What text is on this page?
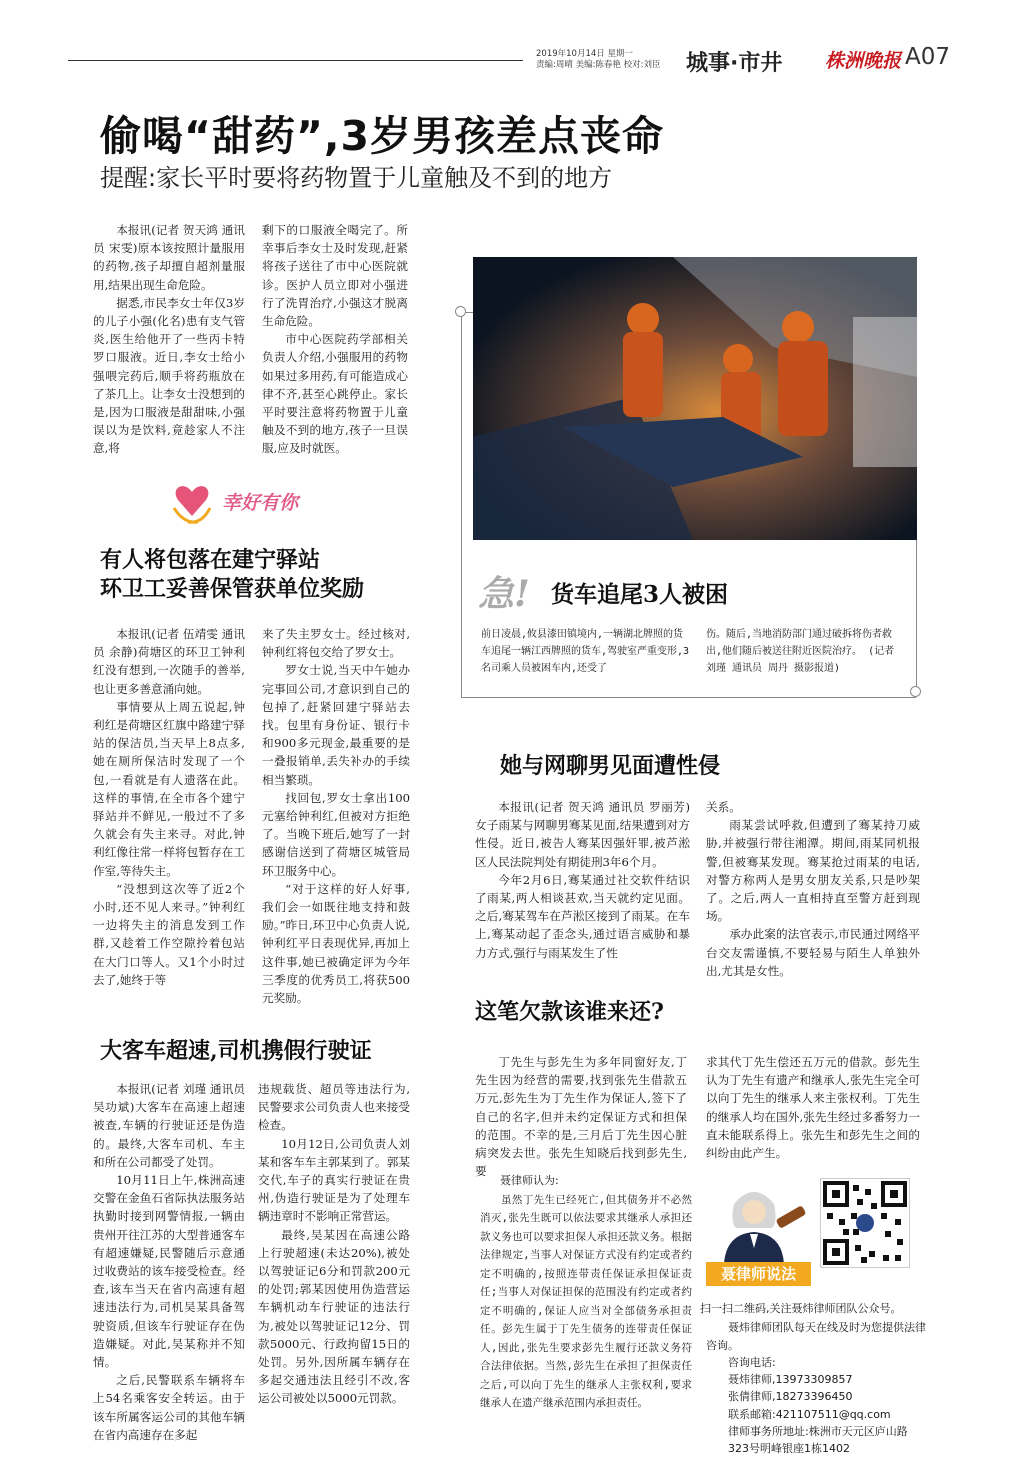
2019年10月14日 星期一
责编:周晴 美编:陈春艳 校对:刘臣 城事·市井 株洲晚报 A07
偷喝“甜药”,3岁男孩差点丧命
提醒:家长平时要将药物置于儿童触及不到的地方

本报讯(记者 贺天鸿 通讯员 宋雯)原本该按照计量服用的药物,孩子却擅自超剂量服用,结果出现生命危险。

据悉,市民李女士年仅3岁的儿子小强(化名)患有支气管炎,医生给他开了一些丙卡特罗口服液。近日,李女士给小强喂完药后,顺手将药瓶放在了茶几上。让李女士没想到的是,因为口服液是甜甜味,小强误以为是饮料,竟趁家人不注意,将

剩下的口服液全喝完了。所幸事后李女士及时发现,赶紧将孩子送往了市中心医院就诊。医护人员立即对小强进行了洗胃治疗,小强这才脱离生命危险。

市中心医院药学部相关负责人介绍,小强服用的药物如果过多用药,有可能造成心律不齐,甚至心跳停止。家长平时要注意将药物置于儿童触及不到的地方,孩子一旦误服,应及时就医。

幸好有你
有人将包落在建宁驿站
环卫工妥善保管获单位奖励

本报讯(记者 伍靖雯 通讯员 余静)荷塘区的环卫工钟利红没有想到,一次随手的善举,也让更多善意涌向她。

事情要从上周五说起,钟利红是荷塘区红旗中路建宁驿站的保洁员,当天早上8点多,她在厕所保洁时发现了一个包,一看就是有人遗落在此。这样的事情,在全市各个建宁驿站并不鲜见,一般过不了多久就会有失主来寻。对此,钟利红像往常一样将包暂存在工作室,等待失主。

“没想到这次等了近2个小时,还不见人来寻。”钟利红一边将失主的消息发到工作群,又趁着工作空隙拎着包站在大门口等人。又1个小时过去了,她终于等

来了失主罗女士。经过核对,钟利红将包交给了罗女士。

罗女士说,当天中午她办完事回公司,才意识到自己的包掉了,赶紧回建宁驿站去找。包里有身份证、银行卡和900多元现金,最重要的是一叠报销单,丢失补办的手续相当繁琐。

找回包,罗女士拿出100元塞给钟利红,但被对方拒绝了。当晚下班后,她写了一封感谢信送到了荷塘区城管局环卫服务中心。

“对于这样的好人好事,我们会一如既往地支持和鼓励。”昨日,环卫中心负责人说,钟利红平日表现优异,再加上这件事,她已被确定评为今年三季度的优秀员工,将获500元奖励。

急! 货车追尾3人被困
前日凌晨,攸县漆田镇境内,一辆湖北牌照的货车追尾一辆江西牌照的货车,驾驶室严重变形,3名司乘人员被困车内,还受了
伤。随后,当地消防部门通过破拆将伤者救出,他们随后被送往附近医院治疗。 (记者 刘瑾 通讯员 周丹 摄影报道)
她与网聊男见面遭性侵

本报讯(记者 贺天鸿 通讯员 罗丽芳)女子雨某与网聊男骞某见面,结果遭到对方性侵。近日,被告人骞某因强奸罪,被芦淞区人民法院判处有期徒刑3年6个月。

今年2月6日,骞某通过社交软件结识了雨某,两人相谈甚欢,当天就约定见面。之后,骞某驾车在芦淞区接到了雨某。在车上,骞某动起了歪念头,通过语言威胁和暴力方式,强行与雨某发生了性

关系。

雨某尝试呼救,但遭到了骞某持刀威胁,并被强行带往湘潭。期间,雨某同机报警,但被骞某发现。骞某抢过雨某的电话,对警方称两人是男女朋友关系,只是吵架了。之后,两人一直相持直至警方赶到现场。

承办此案的法官表示,市民通过网络平台交友需谨慎,不要轻易与陌生人单独外出,尤其是女性。

大客车超速,司机携假行驶证

本报讯(记者 刘瑾 通讯员 吴功斌)大客车在高速上超速被查,车辆的行驶证还是伪造的。最终,大客车司机、车主和所在公司都受了处罚。

10月11日上午,株洲高速交警在金鱼石省际执法服务站执勤时接到网警情报,一辆由贵州开往江苏的大型普通客车有超速嫌疑,民警随后示意通过收费站的该车接受检查。经查,该车当天在省内高速有超速违法行为,司机吴某具备驾驶资质,但该车行驶证存在伪造嫌疑。对此,吴某称并不知情。

之后,民警联系车辆将车上54名乘客安全转运。由于该车所属客运公司的其他车辆在省内高速存在多起

违规载货、超员等违法行为,民警要求公司负责人也来接受检查。

10月12日,公司负责人刘某和客车车主郭某到了。郭某交代,车子的真实行驶证在贵州,伪造行驶证是为了处理车辆违章时不影响正常营运。

最终,吴某因在高速公路上行驶超速(未达20%),被处以驾驶证记6分和罚款200元的处罚;郭某因使用伪造营运车辆机动车行驶证的违法行为,被处以驾驶证记12分、罚款5000元、行政拘留15日的处罚。另外,因所属车辆存在多起交通违法且经引不改,客运公司被处以5000元罚款。

这笔欠款该谁来还?

丁先生与彭先生为多年同窗好友,丁先生因为经营的需要,找到张先生借款五万元,彭先生为丁先生作为保证人,签下了自己的名字,但并未约定保证方式和担保的范围。不幸的是,三月后丁先生因心脏病突发去世。张先生知晓后找到彭先生,要

求其代丁先生偿还五万元的借款。彭先生认为丁先生有遗产和继承人,张先生完全可以向丁先生的继承人来主张权利。丁先生的继承人均在国外,张先生经过多番努力一直未能联系得上。张先生和彭先生之间的纠纷由此产生。

聂律师认为:
虽然丁先生已经死亡,但其债务并不必然消灭,张先生既可以依法要求其继承人承担还款义务也可以要求担保人承担还款义务。根据法律规定,当事人对保证方式没有约定或者约定不明确的,按照连带责任保证承担保证责任;当事人对保证担保的范围没有约定或者约定不明确的,保证人应当对全部债务承担责任。彭先生属于丁先生债务的连带责任保证人,因此,张先生要求彭先生履行还款义务符合法律依据。当然,彭先生在承担了担保责任之后,可以向丁先生的继承人主张权利,要求继承人在遗产继承范围内承担责任。
聂律师说法
扫一扫二维码,关注聂炜律师团队公众号。
聂炜律师团队每天在线及时为您提供法律咨询。
咨询电话:
聂炜律师,13973309857
张倩律师,18273396450
联系邮箱:421107511@qq.com
律师事务所地址:株洲市天元区庐山路323号明峰银座1栋1402
